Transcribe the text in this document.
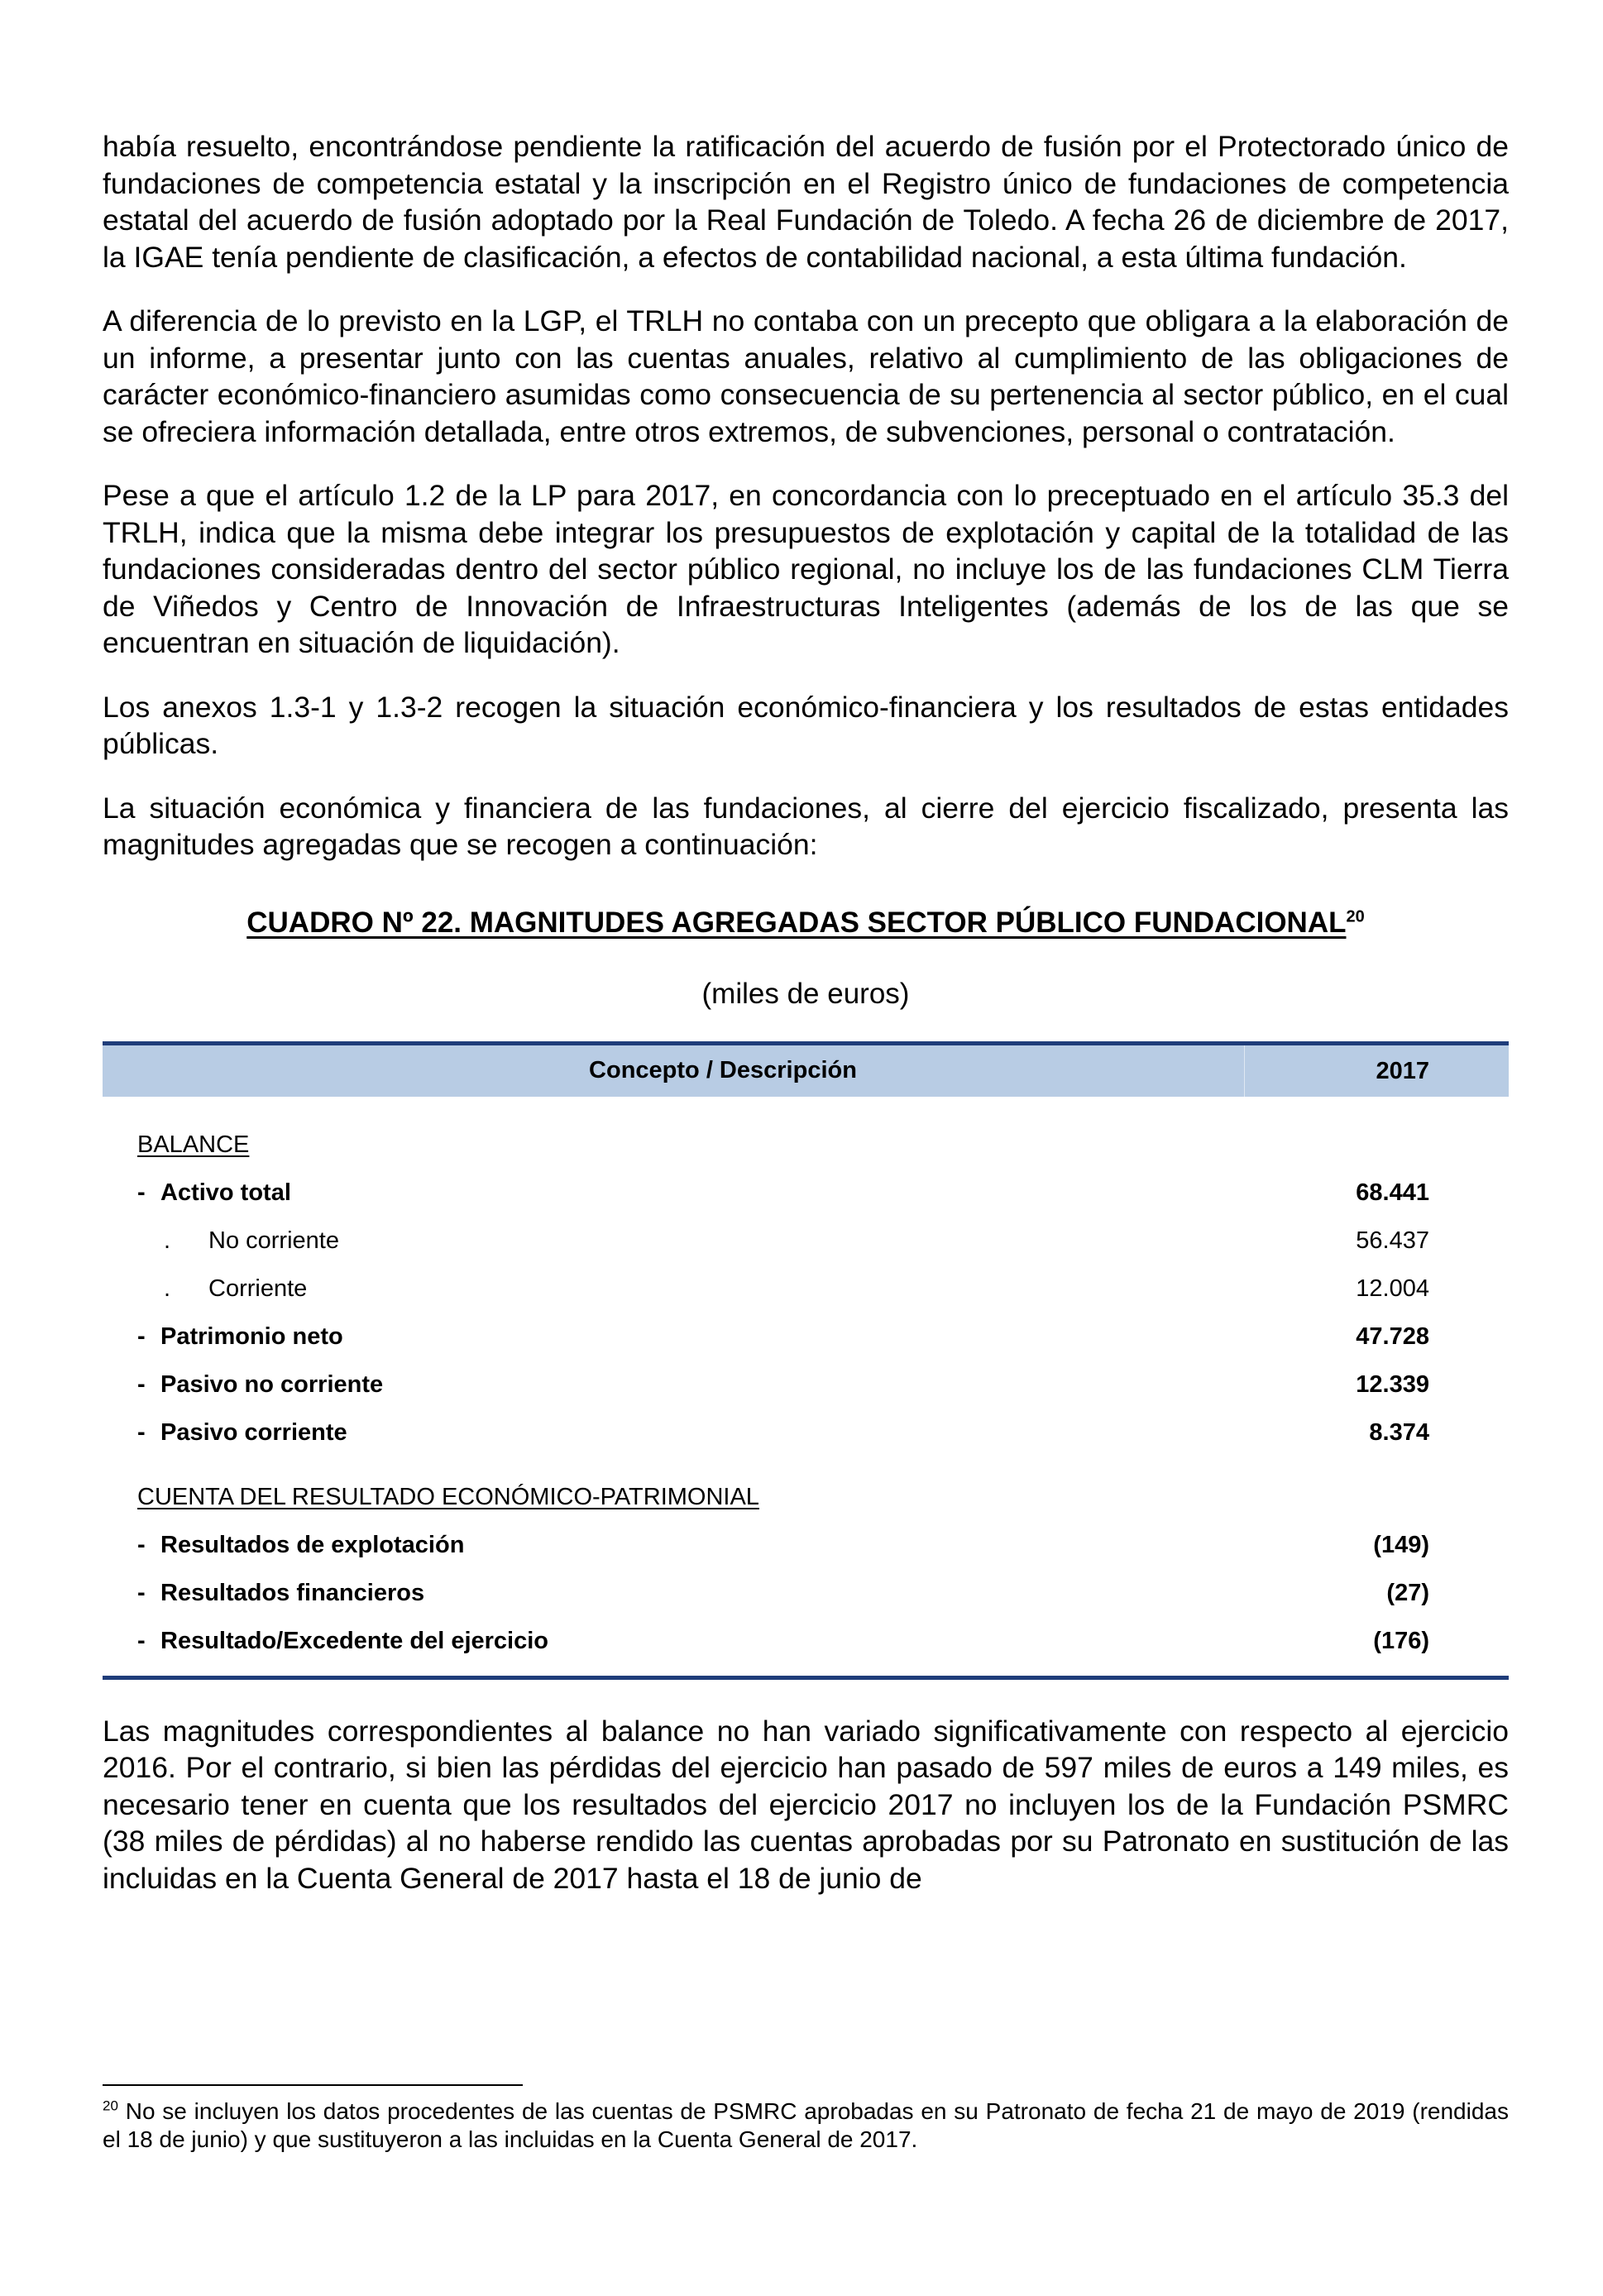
había resuelto, encontrándose pendiente la ratificación del acuerdo de fusión por el Protectorado único de fundaciones de competencia estatal y la inscripción en el Registro único de fundaciones de competencia estatal del acuerdo de fusión adoptado por la Real Fundación de Toledo. A fecha 26 de diciembre de 2017, la IGAE tenía pendiente de clasificación, a efectos de contabilidad nacional, a esta última fundación.

A diferencia de lo previsto en la LGP, el TRLH no contaba con un precepto que obligara a la elaboración de un informe, a presentar junto con las cuentas anuales, relativo al cumplimiento de las obligaciones de carácter económico-financiero asumidas como consecuencia de su pertenencia al sector público, en el cual se ofreciera información detallada, entre otros extremos, de subvenciones, personal o contratación.

Pese a que el artículo 1.2 de la LP para 2017, en concordancia con lo preceptuado en el artículo 35.3 del TRLH, indica que la misma debe integrar los presupuestos de explotación y capital de la totalidad de las fundaciones consideradas dentro del sector público regional, no incluye los de las fundaciones CLM Tierra de Viñedos y Centro de Innovación de Infraestructuras Inteligentes (además de los de las que se encuentran en situación de liquidación).

Los anexos 1.3-1 y 1.3-2 recogen la situación económico-financiera y los resultados de estas entidades públicas.

La situación económica y financiera de las fundaciones, al cierre del ejercicio fiscalizado, presenta las magnitudes agregadas que se recogen a continuación:

CUADRO Nº 22. MAGNITUDES AGREGADAS SECTOR PÚBLICO FUNDACIONAL$^{20}$
(miles de euros)
Concepto / Descripción	2017
BALANCE
- Activo total	68.441
. No corriente	56.437
. Corriente	12.004
- Patrimonio neto	47.728
- Pasivo no corriente	12.339
- Pasivo corriente	8.374
CUENTA DEL RESULTADO ECONÓMICO-PATRIMONIAL
- Resultados de explotación	(149)
- Resultados financieros	(27)
- Resultado/Excedente del ejercicio	(176)

Las magnitudes correspondientes al balance no han variado significativamente con respecto al ejercicio 2016. Por el contrario, si bien las pérdidas del ejercicio han pasado de 597 miles de euros a 149 miles, es necesario tener en cuenta que los resultados del ejercicio 2017 no incluyen los de la Fundación PSMRC (38 miles de pérdidas) al no haberse rendido las cuentas aprobadas por su Patronato en sustitución de las incluidas en la Cuenta General de 2017 hasta el 18 de junio de

$^{20}$ No se incluyen los datos procedentes de las cuentas de PSMRC aprobadas en su Patronato de fecha 21 de mayo de 2019 (rendidas el 18 de junio) y que sustituyeron a las incluidas en la Cuenta General de 2017.
